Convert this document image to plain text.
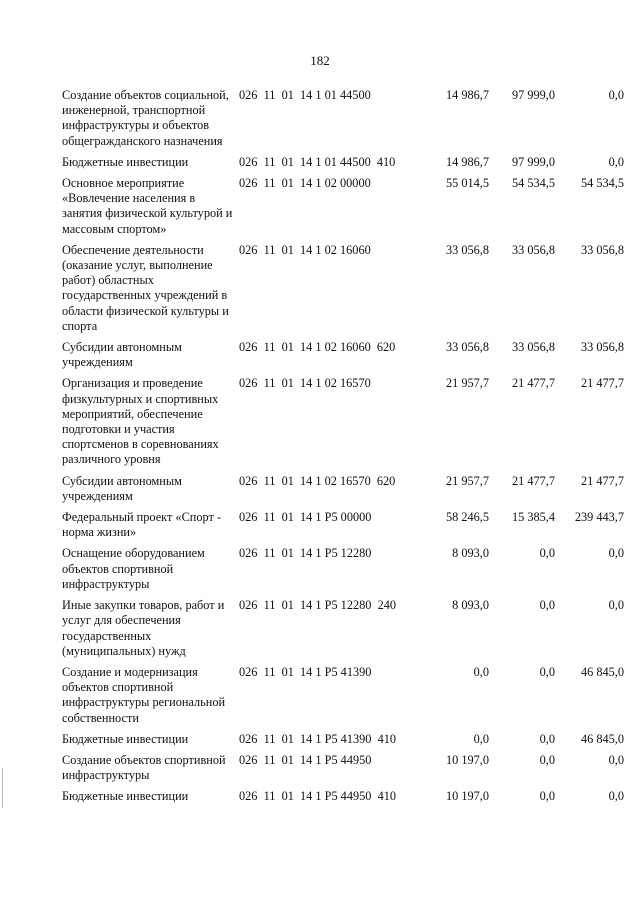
182
Создание объектов социальной, инженерной, транспортной инфраструктуры и объектов общегражданского назначения	026  11  01  14 1 01 44500	14 986,7	97 999,0	0,0
Бюджетные инвестиции	026  11  01  14 1 01 44500  410	14 986,7	97 999,0	0,0
Основное мероприятие «Вовлечение населения в занятия физической культурой и массовым спортом»	026  11  01  14 1 02 00000	55 014,5	54 534,5	54 534,5
Обеспечение деятельности (оказание услуг, выполнение работ) областных государственных учреждений в области физической культуры и спорта	026  11  01  14 1 02 16060	33 056,8	33 056,8	33 056,8
Субсидии автономным учреждениям	026  11  01  14 1 02 16060  620	33 056,8	33 056,8	33 056,8
Организация и проведение физкультурных и спортивных мероприятий, обеспечение подготовки и участия спортсменов в соревнованиях различного уровня	026  11  01  14 1 02 16570	21 957,7	21 477,7	21 477,7
Субсидии автономным учреждениям	026  11  01  14 1 02 16570  620	21 957,7	21 477,7	21 477,7
Федеральный проект «Спорт - норма жизни»	026  11  01  14 1 P5 00000	58 246,5	15 385,4	239 443,7
Оснащение оборудованием объектов спортивной инфраструктуры	026  11  01  14 1 P5 12280	8 093,0	0,0	0,0
Иные закупки товаров, работ и услуг для обеспечения государственных (муниципальных) нужд	026  11  01  14 1 P5 12280  240	8 093,0	0,0	0,0
Создание и модернизация объектов спортивной инфраструктуры региональной собственности	026  11  01  14 1 P5 41390	0,0	0,0	46 845,0
Бюджетные инвестиции	026  11  01  14 1 P5 41390  410	0,0	0,0	46 845,0
Создание объектов спортивной инфраструктуры	026  11  01  14 1 P5 44950	10 197,0	0,0	0,0
Бюджетные инвестиции	026  11  01  14 1 P5 44950  410	10 197,0	0,0	0,0
